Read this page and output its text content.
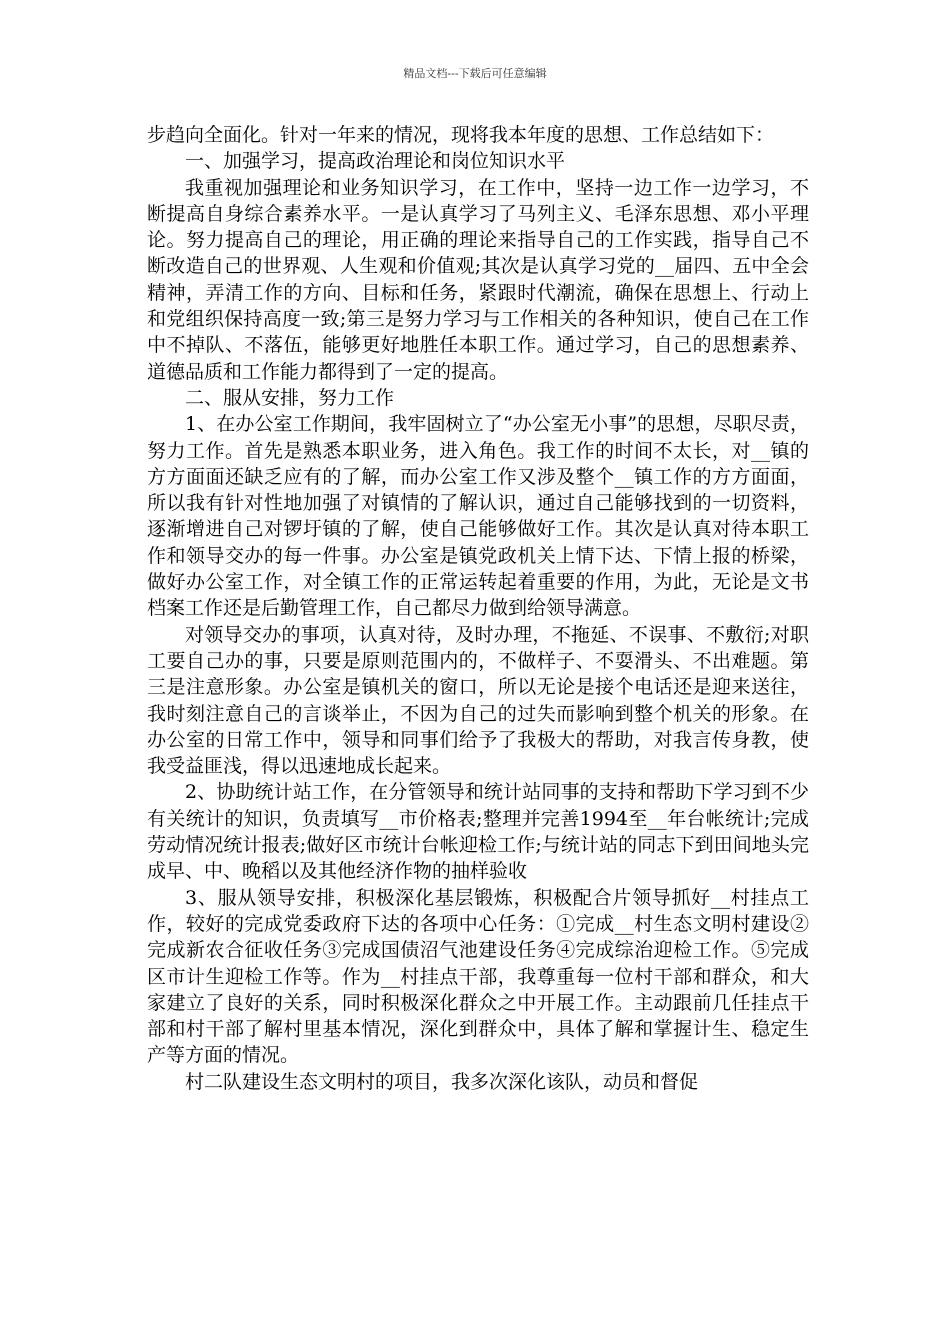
精品文档---下载后可任意编辑

步趋向全面化。针对一年来的情况，现将我本年度的思想、工作总结如下：

一、加强学习，提高政治理论和岗位知识水平

我重视加强理论和业务知识学习，在工作中，坚持一边工作一边学习，不断提高自身综合素养水平。一是认真学习了马列主义、毛泽东思想、邓小平理论。努力提高自己的理论，用正确的理论来指导自己的工作实践，指导自己不断改造自己的世界观、人生观和价值观;其次是认真学习党的__届四、五中全会精神，弄清工作的方向、目标和任务，紧跟时代潮流，确保在思想上、行动上和党组织保持高度一致;第三是努力学习与工作相关的各种知识，使自己在工作中不掉队、不落伍，能够更好地胜任本职工作。通过学习，自己的思想素养、道德品质和工作能力都得到了一定的提高。

二、服从安排，努力工作

1、在办公室工作期间，我牢固树立了“办公室无小事”的思想，尽职尽责，努力工作。首先是熟悉本职业务，进入角色。我工作的时间不太长，对__镇的方方面面还缺乏应有的了解，而办公室工作又涉及整个__镇工作的方方面面，所以我有针对性地加强了对镇情的了解认识，通过自己能够找到的一切资料，逐渐增进自己对锣圩镇的了解，使自己能够做好工作。其次是认真对待本职工作和领导交办的每一件事。办公室是镇党政机关上情下达、下情上报的桥梁，做好办公室工作，对全镇工作的正常运转起着重要的作用，为此，无论是文书档案工作还是后勤管理工作，自己都尽力做到给领导满意。

对领导交办的事项，认真对待，及时办理，不拖延、不误事、不敷衍;对职工要自己办的事，只要是原则范围内的，不做样子、不耍滑头、不出难题。第三是注意形象。办公室是镇机关的窗口，所以无论是接个电话还是迎来送往，我时刻注意自己的言谈举止，不因为自己的过失而影响到整个机关的形象。在办公室的日常工作中，领导和同事们给予了我极大的帮助，对我言传身教，使我受益匪浅，得以迅速地成长起来。

2、协助统计站工作，在分管领导和统计站同事的支持和帮助下学习到不少有关统计的知识，负责填写__市价格表;整理并完善1994至__年台帐统计;完成劳动情况统计报表;做好区市统计台帐迎检工作;与统计站的同志下到田间地头完成早、中、晚稻以及其他经济作物的抽样验收

3、服从领导安排，积极深化基层锻炼，积极配合片领导抓好__村挂点工作，较好的完成党委政府下达的各项中心任务：①完成__村生态文明村建设②完成新农合征收任务③完成国债沼气池建设任务④完成综治迎检工作。⑤完成区市计生迎检工作等。作为__村挂点干部，我尊重每一位村干部和群众，和大家建立了良好的关系，同时积极深化群众之中开展工作。主动跟前几任挂点干部和村干部了解村里基本情况，深化到群众中，具体了解和掌握计生、稳定生产等方面的情况。

村二队建设生态文明村的项目，我多次深化该队，动员和督促
